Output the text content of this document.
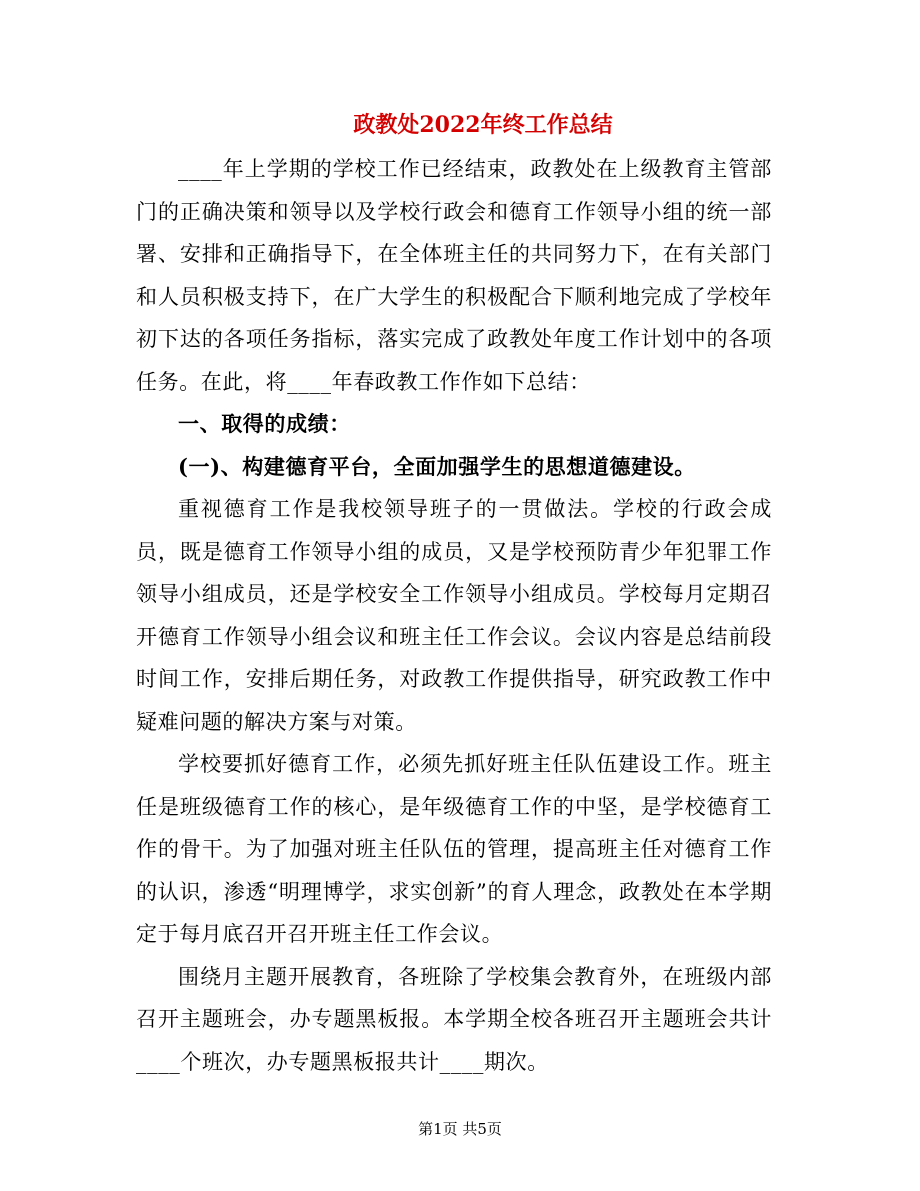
政教处2022年终工作总结

____年上学期的学校工作已经结束，政教处在上级教育主管部门的正确决策和领导以及学校行政会和德育工作领导小组的统一部署、安排和正确指导下，在全体班主任的共同努力下，在有关部门和人员积极支持下，在广大学生的积极配合下顺利地完成了学校年初下达的各项任务指标，落实完成了政教处年度工作计划中的各项任务。在此，将____年春政教工作作如下总结：

一、取得的成绩：

(一)、构建德育平台，全面加强学生的思想道德建设。

重视德育工作是我校领导班子的一贯做法。学校的行政会成员，既是德育工作领导小组的成员，又是学校预防青少年犯罪工作领导小组成员，还是学校安全工作领导小组成员。学校每月定期召开德育工作领导小组会议和班主任工作会议。会议内容是总结前段时间工作，安排后期任务，对政教工作提供指导，研究政教工作中疑难问题的解决方案与对策。

学校要抓好德育工作，必须先抓好班主任队伍建设工作。班主任是班级德育工作的核心，是年级德育工作的中坚，是学校德育工作的骨干。为了加强对班主任队伍的管理，提高班主任对德育工作的认识，渗透“明理博学，求实创新”的育人理念，政教处在本学期定于每月底召开召开班主任工作会议。

围绕月主题开展教育，各班除了学校集会教育外，在班级内部召开主题班会，办专题黑板报。本学期全校各班召开主题班会共计____个班次，办专题黑板报共计____期次。

第1页 共5页
